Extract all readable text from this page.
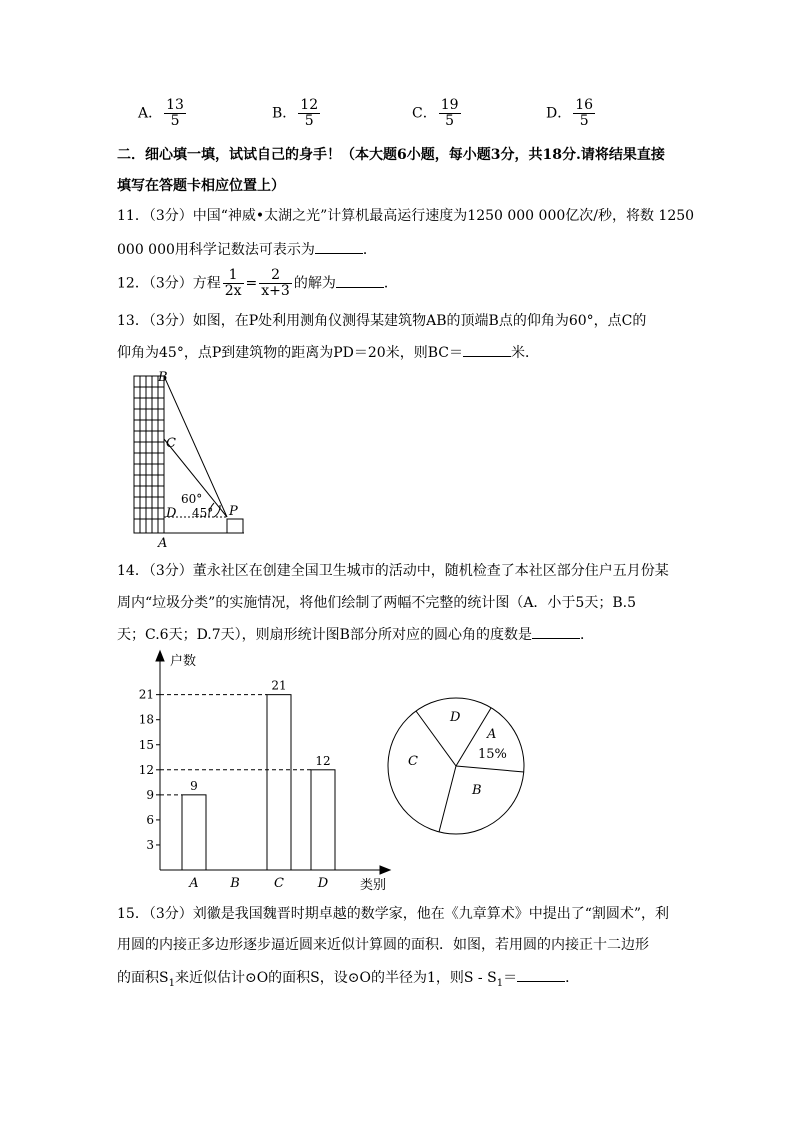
A． $\frac{13}{5}$	B． $\frac{12}{5}$	C． $\frac{19}{5}$	D． $\frac{16}{5}$
二．细心填一填，试试自己的身手！（本大题6小题，每小题3分，共18分.请将结果直接
填写在答题卡相应位置上）
11．（3分）中国“神威•太湖之光”计算机最高运行速度为1250 000 000亿次/秒，将数 1250
000 000用科学记数法可表示为	．
12．（3分）方程 $\frac{1}{2x} = \frac{2}{x+3}$ 的解为	．
13．（3分）如图，在P处利用测角仪测得某建筑物AB的顶端B点的仰角为60°，点C的
仰角为45°，点P到建筑物的距离为PD＝20米，则BC＝	米．
B
C
D
A
P
60°
45°
14．（3分）董永社区在创建全国卫生城市的活动中，随机检查了本社区部分住户五月份某
周内“垃圾分类”的实施情况，将他们绘制了两幅不完整的统计图（A．小于5天；B.5
天；C.6天；D.7天），则扇形统计图B部分所对应的圆心角的度数是	．
户数
类别
3
6
9
12
15
18
21
9
21
12
A B	C	D
D
A
15%
C
B
15．（3分）刘徽是我国魏晋时期卓越的数学家，他在《九章算术》中提出了“割圆术”，利
用圆的内接正多边形逐步逼近圆来近似计算圆的面积．如图，若用圆的内接正十二边形
的面积$S_1$来近似估计⊙O的面积S，设⊙O的半径为1，则$S - S_1=$	．
